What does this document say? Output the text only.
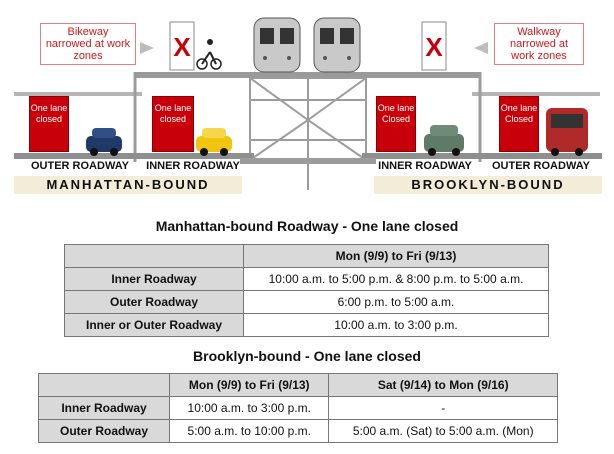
X	X
Bikeway narrowed at work zones
Walkway narrowed at work zones
One lane closed
One lane closed
One lane Closed
One lane Closed
OUTER ROADWAY INNER ROADWAY	INNER ROADWAY OUTER ROADWAY
MANHATTAN-BOUND	BROOKLYN-BOUND
Manhattan-bound Roadway - One lane closed
	Mon (9/9) to Fri (9/13)
Inner Roadway	10:00 a.m. to 5:00 p.m. & 8:00 p.m. to 5:00 a.m.
Outer Roadway	6:00 p.m. to 5:00 a.m.
Inner or Outer Roadway	10:00 a.m. to 3:00 p.m.
Brooklyn-bound - One lane closed
	Mon (9/9) to Fri (9/13)	Sat (9/14) to Mon (9/16)
Inner Roadway	10:00 a.m. to 3:00 p.m.	-
Outer Roadway	5:00 a.m. to 10:00 p.m.	5:00 a.m. (Sat) to 5:00 a.m. (Mon)
